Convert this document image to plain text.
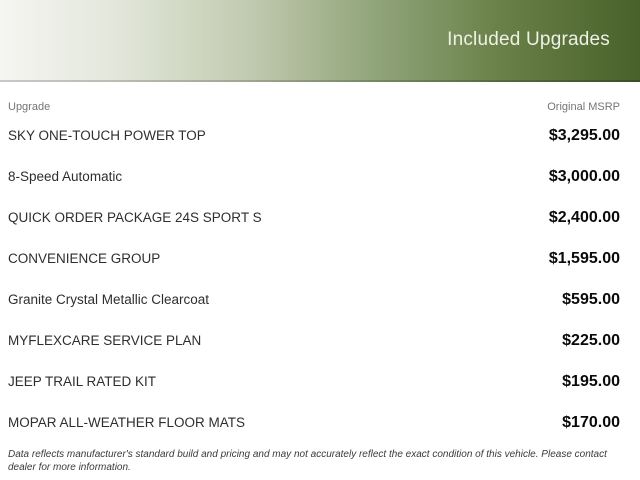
Included Upgrades
Upgrade	Original MSRP
SKY ONE-TOUCH POWER TOP	$3,295.00
8-Speed Automatic	$3,000.00
QUICK ORDER PACKAGE 24S SPORT S	$2,400.00
CONVENIENCE GROUP	$1,595.00
Granite Crystal Metallic Clearcoat	$595.00
MYFLEXCARE SERVICE PLAN	$225.00
JEEP TRAIL RATED KIT	$195.00
MOPAR ALL-WEATHER FLOOR MATS	$170.00
Data reflects manufacturer's standard build and pricing and may not accurately reflect the exact condition of this vehicle. Please contact dealer for more information.
